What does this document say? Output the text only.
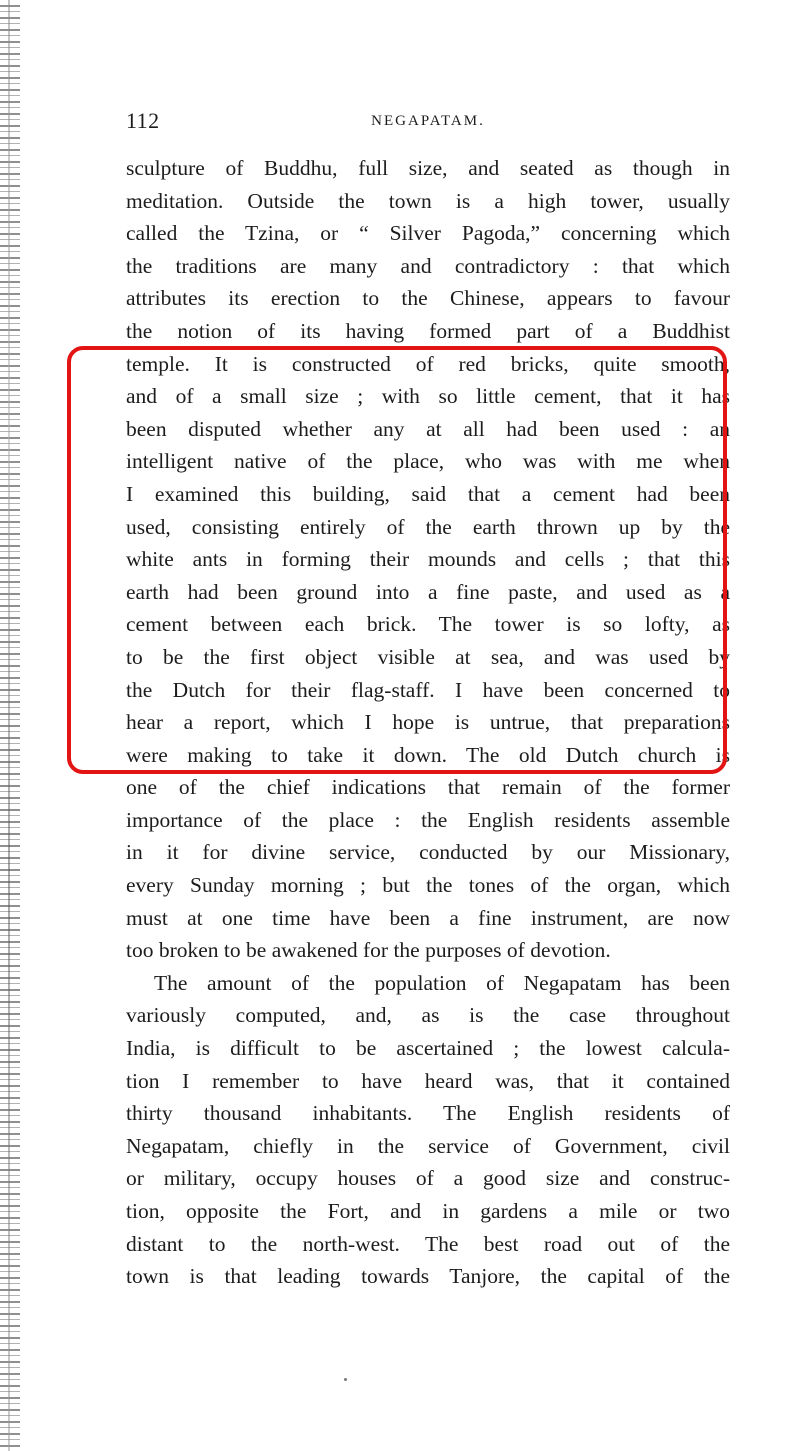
112	NEGAPATAM.
sculpture of Buddhu, full size, and seated as though in
meditation. Outside the town is a high tower, usually
called the Tzina, or “ Silver Pagoda,” concerning which
the traditions are many and contradictory : that which
attributes its erection to the Chinese, appears to favour
the notion of its having formed part of a Buddhist
temple. It is constructed of red bricks, quite smooth,
and of a small size ; with so little cement, that it has
been disputed whether any at all had been used : an
intelligent native of the place, who was with me when
I examined this building, said that a cement had been
used, consisting entirely of the earth thrown up by the
white ants in forming their mounds and cells ; that this
earth had been ground into a fine paste, and used as a
cement between each brick. The tower is so lofty, as
to be the first object visible at sea, and was used by
the Dutch for their flag-staff. I have been concerned to
hear a report, which I hope is untrue, that preparations
were making to take it down. The old Dutch church is
one of the chief indications that remain of the former
importance of the place : the English residents assemble
in it for divine service, conducted by our Missionary,
every Sunday morning ; but the tones of the organ, which
must at one time have been a fine instrument, are now
too broken to be awakened for the purposes of devotion.
The amount of the population of Negapatam has been
variously computed, and, as is the case throughout
India, is difficult to be ascertained ; the lowest calcula-
tion I remember to have heard was, that it contained
thirty thousand inhabitants. The English residents of
Negapatam, chiefly in the service of Government, civil
or military, occupy houses of a good size and construc-
tion, opposite the Fort, and in gardens a mile or two
distant to the north-west. The best road out of the
town is that leading towards Tanjore, the capital of the
